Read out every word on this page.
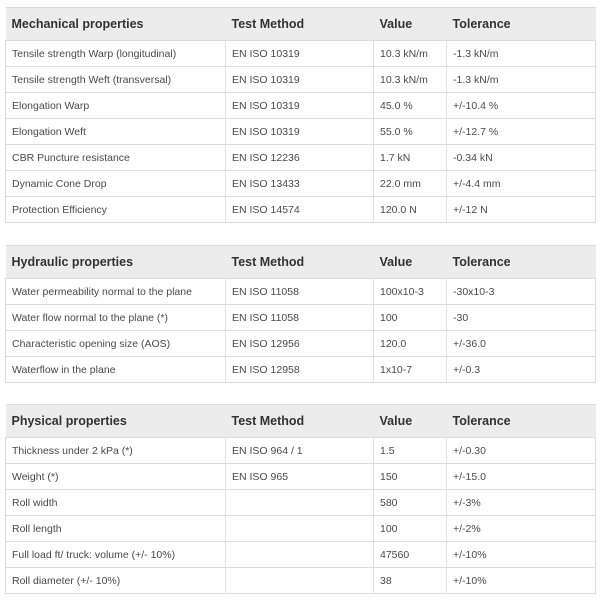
Mechanical properties	Test Method	Value	Tolerance
Tensile strength Warp (longitudinal)	EN ISO 10319	10.3 kN/m	-1.3 kN/m
Tensile strength Weft (transversal)	EN ISO 10319	10.3 kN/m	-1.3 kN/m
Elongation Warp	EN ISO 10319	45.0 %	+/-10.4 %
Elongation Weft	EN ISO 10319	55.0 %	+/-12.7 %
CBR Puncture resistance	EN ISO 12236	1.7 kN	-0.34 kN
Dynamic Cone Drop	EN ISO 13433	22.0 mm	+/-4.4 mm
Protection Efficiency	EN ISO 14574	120.0 N	+/-12 N
Hydraulic properties	Test Method	Value	Tolerance
Water permeability normal to the plane	EN ISO 11058	100x10-3	-30x10-3
Water flow normal to the plane (*)	EN ISO 11058	100	-30
Characteristic opening size (AOS)	EN ISO 12956	120.0	+/-36.0
Waterflow in the plane	EN ISO 12958	1x10-7	+/-0.3
Physical properties	Test Method	Value	Tolerance
Thickness under 2 kPa (*)	EN ISO 964 / 1	1.5	+/-0.30
Weight (*)	EN ISO 965	150	+/-15.0
Roll width		580	+/-3%
Roll length		100	+/-2%
Full load ft/ truck: volume (+/- 10%)		47560	+/-10%
Roll diameter (+/- 10%)		38	+/-10%
